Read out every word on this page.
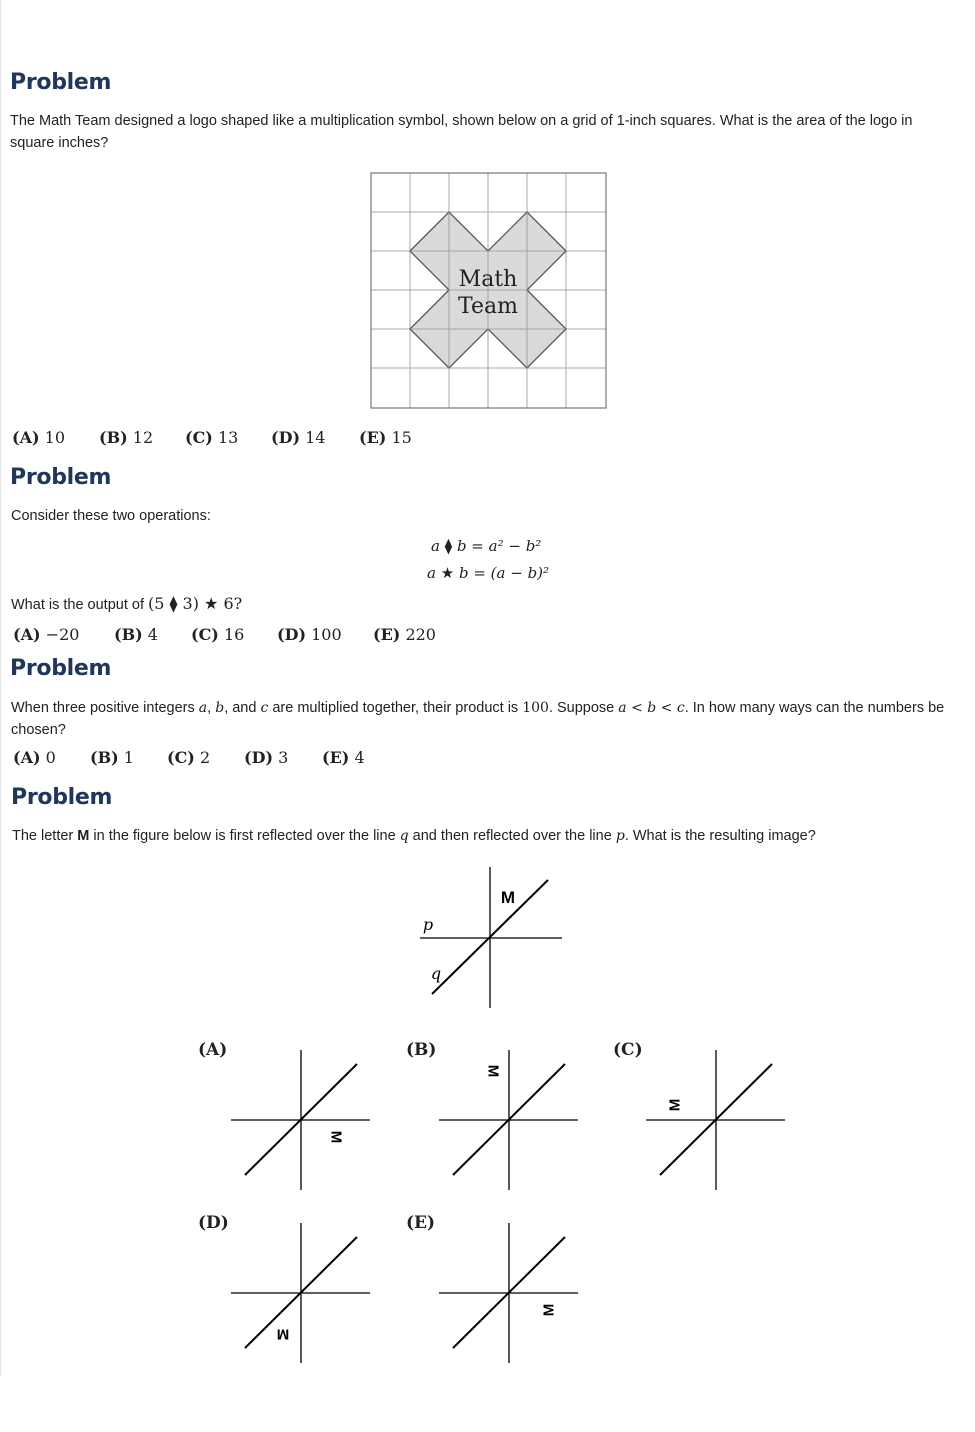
Problem
The Math Team designed a logo shaped like a multiplication symbol, shown below on a grid of 1-inch squares. What is the area of the logo in square inches?
Math
Team
(A) 10 (B) 12 (C) 13 (D) 14 (E) 15
Problem
Consider these two operations:
a ⧫ b = a² − b²
a ★ b = (a − b)²
What is the output of (5 ⧫ 3) ★ 6?
(A) −20 (B) 4 (C) 16 (D) 100 (E) 220
Problem
When three positive integers a, b, and c are multiplied together, their product is 100. Suppose a < b < c. In how many ways can the numbers be chosen?
(A) 0 (B) 1 (C) 2 (D) 3 (E) 4
Problem
The letter M in the figure below is first reflected over the line q and then reflected over the line p. What is the resulting image?
M
p
q
(A)	(B)	(C)
(D)	(E)
M
M
M
M
M
